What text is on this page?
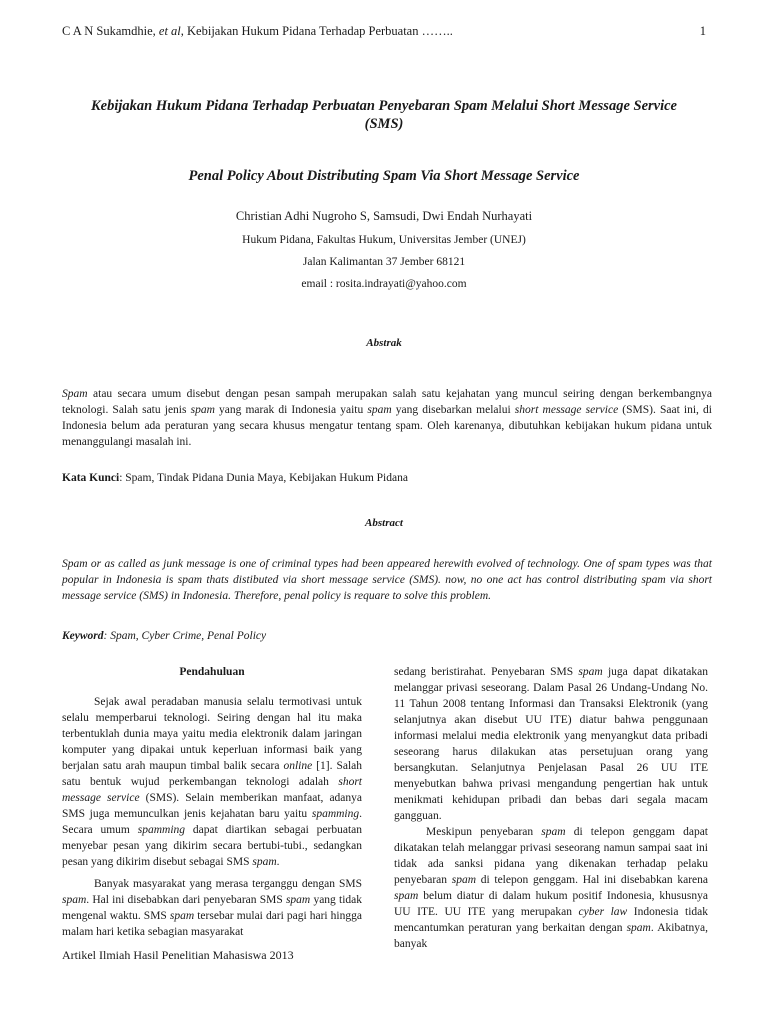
C A N Sukamdhie, et al, Kebijakan Hukum Pidana Terhadap Perbuatan ……..	1
Kebijakan Hukum Pidana Terhadap Perbuatan Penyebaran Spam Melalui Short Message Service (SMS)
Penal Policy About Distributing Spam Via Short Message Service
Christian Adhi Nugroho S, Samsudi, Dwi Endah Nurhayati
Hukum Pidana, Fakultas Hukum, Universitas Jember (UNEJ)
Jalan Kalimantan 37 Jember 68121
email : rosita.indrayati@yahoo.com
Abstrak
Spam atau secara umum disebut dengan pesan sampah merupakan salah satu kejahatan yang muncul seiring dengan berkembangnya teknologi. Salah satu jenis spam yang marak di Indonesia yaitu spam yang disebarkan melalui short message service (SMS). Saat ini, di Indonesia belum ada peraturan yang secara khusus mengatur tentang spam. Oleh karenanya, dibutuhkan kebijakan hukum pidana untuk menanggulangi masalah ini.
Kata Kunci: Spam, Tindak Pidana Dunia Maya, Kebijakan Hukum Pidana
Abstract
Spam or as called as junk message is one of criminal types had been appeared herewith evolved of technology. One of spam types was that popular in Indonesia is spam thats distibuted via short message service (SMS). now, no one act has control distributing spam via short message service (SMS) in Indonesia. Therefore, penal policy is requare to solve this problem.
Keyword: Spam, Cyber Crime, Penal Policy

Pendahuluan

Sejak awal peradaban manusia selalu termotivasi untuk selalu memperbarui teknologi. Seiring dengan hal itu maka terbentuklah dunia maya yaitu media elektronik dalam jaringan komputer yang dipakai untuk keperluan informasi baik yang berjalan satu arah maupun timbal balik secara online [1]. Salah satu bentuk wujud perkembangan teknologi adalah short message service (SMS). Selain memberikan manfaat, adanya SMS juga memunculkan jenis kejahatan baru yaitu spamming. Secara umum spamming dapat diartikan sebagai perbuatan menyebar pesan yang dikirim secara bertubi-tubi., sedangkan pesan yang dikirim disebut sebagai SMS spam.

Banyak masyarakat yang merasa terganggu dengan SMS spam. Hal ini disebabkan dari penyebaran SMS spam yang tidak mengenal waktu. SMS spam tersebar mulai dari pagi hari hingga malam hari ketika sebagian masyarakat

sedang beristirahat. Penyebaran SMS spam juga dapat dikatakan melanggar privasi seseorang. Dalam Pasal 26 Undang-Undang No. 11 Tahun 2008 tentang Informasi dan Transaksi Elektronik (yang selanjutnya akan disebut UU ITE) diatur bahwa penggunaan informasi melalui media elektronik yang menyangkut data pribadi seseorang harus dilakukan atas persetujuan orang yang bersangkutan. Selanjutnya Penjelasan Pasal 26 UU ITE menyebutkan bahwa privasi mengandung pengertian hak untuk menikmati kehidupan pribadi dan bebas dari segala macam gangguan.

Meskipun penyebaran spam di telepon genggam dapat dikatakan telah melanggar privasi seseorang namun sampai saat ini tidak ada sanksi pidana yang dikenakan terhadap pelaku penyebaran spam di telepon genggam. Hal ini disebabkan karena spam belum diatur di dalam hukum positif Indonesia, khususnya UU ITE. UU ITE yang merupakan cyber law Indonesia tidak mencantumkan peraturan yang berkaitan dengan spam. Akibatnya, banyak

Artikel Ilmiah Hasil Penelitian Mahasiswa 2013
